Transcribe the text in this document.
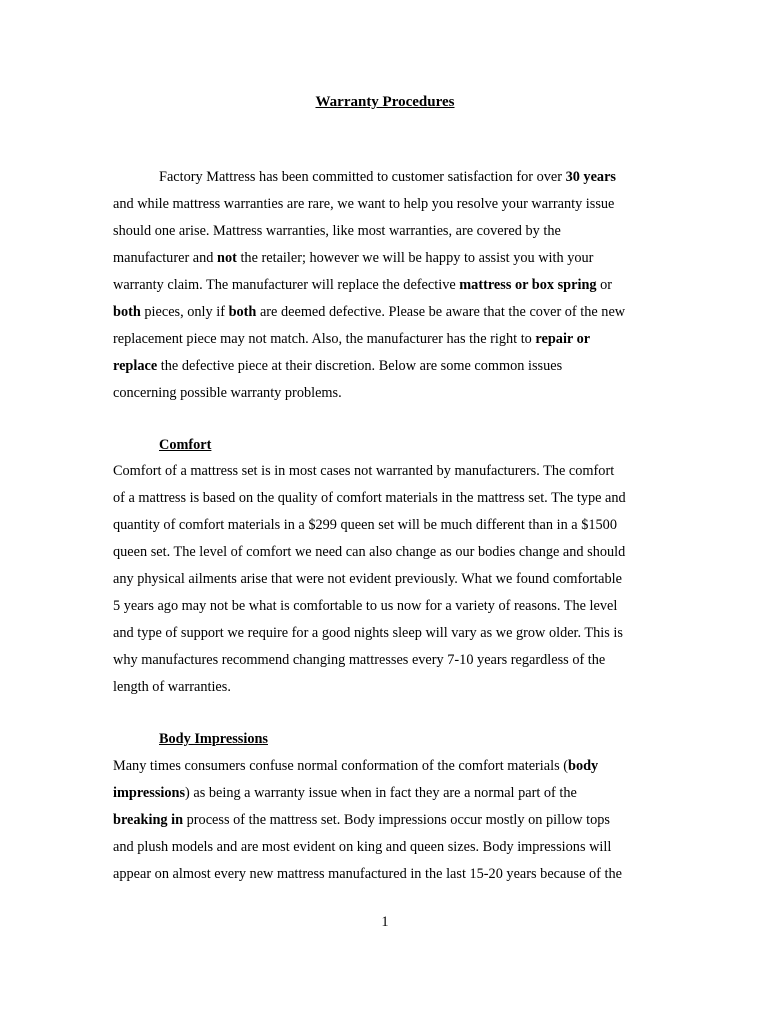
Warranty Procedures
Factory Mattress has been committed to customer satisfaction for over 30 years
and while mattress warranties are rare, we want to help you resolve your warranty issue
should one arise. Mattress warranties, like most warranties, are covered by the
manufacturer and not the retailer; however we will be happy to assist you with your
warranty claim. The manufacturer will replace the defective mattress or box spring or
both pieces, only if both are deemed defective. Please be aware that the cover of the new
replacement piece may not match. Also, the manufacturer has the right to repair or
replace the defective piece at their discretion. Below are some common issues
concerning possible warranty problems.
Comfort
Comfort of a mattress set is in most cases not warranted by manufacturers. The comfort
of a mattress is based on the quality of comfort materials in the mattress set. The type and
quantity of comfort materials in a $299 queen set will be much different than in a $1500
queen set. The level of comfort we need can also change as our bodies change and should
any physical ailments arise that were not evident previously. What we found comfortable
5 years ago may not be what is comfortable to us now for a variety of reasons. The level
and type of support we require for a good nights sleep will vary as we grow older. This is
why manufactures recommend changing mattresses every 7-10 years regardless of the
length of warranties.
Body Impressions
Many times consumers confuse normal conformation of the comfort materials (body
impressions) as being a warranty issue when in fact they are a normal part of the
breaking in process of the mattress set. Body impressions occur mostly on pillow tops
and plush models and are most evident on king and queen sizes. Body impressions will
appear on almost every new mattress manufactured in the last 15-20 years because of the
1
